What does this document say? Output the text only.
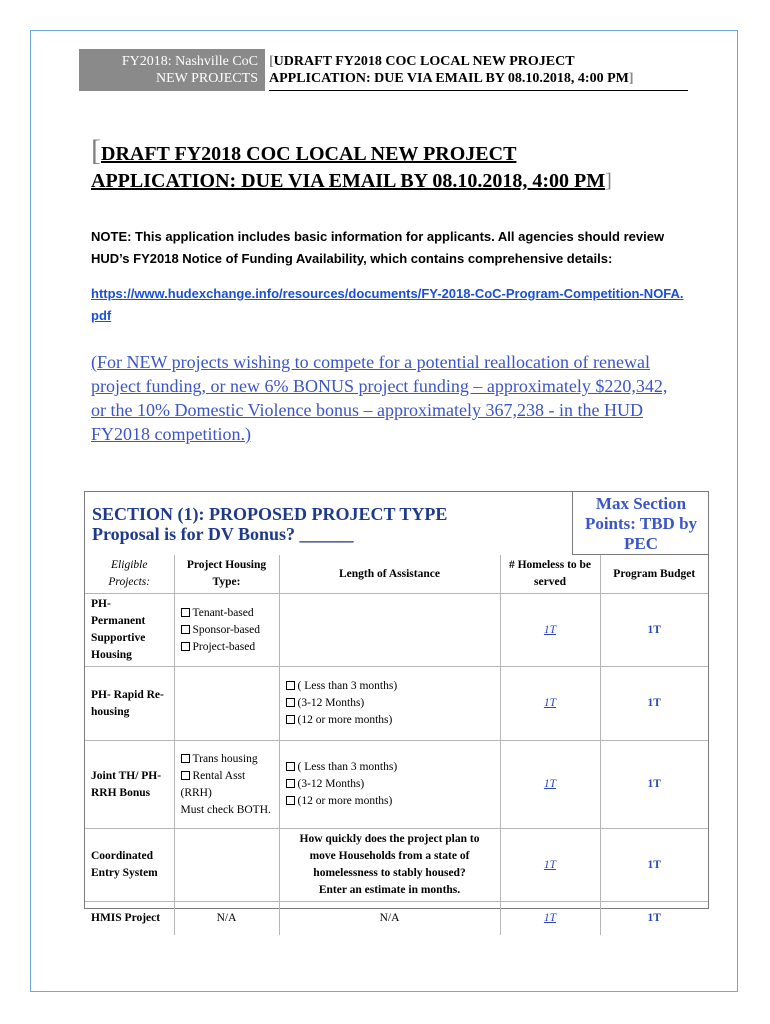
FY2018: Nashville CoC
NEW PROJECTS
[UDRAFT FY2018 COC LOCAL NEW PROJECT
APPLICATION: DUE VIA EMAIL BY 08.10.2018, 4:00 PM]
[DRAFT FY2018 COC LOCAL NEW PROJECT
APPLICATION: DUE VIA EMAIL BY 08.10.2018, 4:00 PM]
NOTE: This application includes basic information for applicants. All agencies should review HUD’s FY2018 Notice of Funding Availability, which contains comprehensive details:
https://www.hudexchange.info/resources/documents/FY-2018-CoC-Program-Competition-NOFA.pdf
(For NEW projects wishing to compete for a potential reallocation of renewal project funding, or new 6% BONUS project funding – approximately $220,342, or the 10% Domestic Violence bonus – approximately 367,238 - in the HUD FY2018 competition.)
SECTION (1): PROPOSED PROJECT TYPE
Proposal is for DV Bonus? ______
Max Section
Points: TBD by
PEC
Eligible Projects:	Project Housing Type:	Length of Assistance	# Homeless to be served	Program Budget
PH- Permanent Supportive Housing	Tenant-based
Sponsor-based
Project-based		1T	1T
PH- Rapid Re-housing		( Less than 3 months)
(3-12 Months)
(12 or more months)	1T	1T
Joint TH/ PH-RRH Bonus	Trans housing
Rental Asst (RRH)
Must check BOTH.	( Less than 3 months)
(3-12 Months)
(12 or more months)	1T	1T
Coordinated Entry System		How quickly does the project plan to move Households from a state of homelessness to stably housed?
Enter an estimate in months.	1T	1T
HMIS Project	N/A	N/A	1T	1T
